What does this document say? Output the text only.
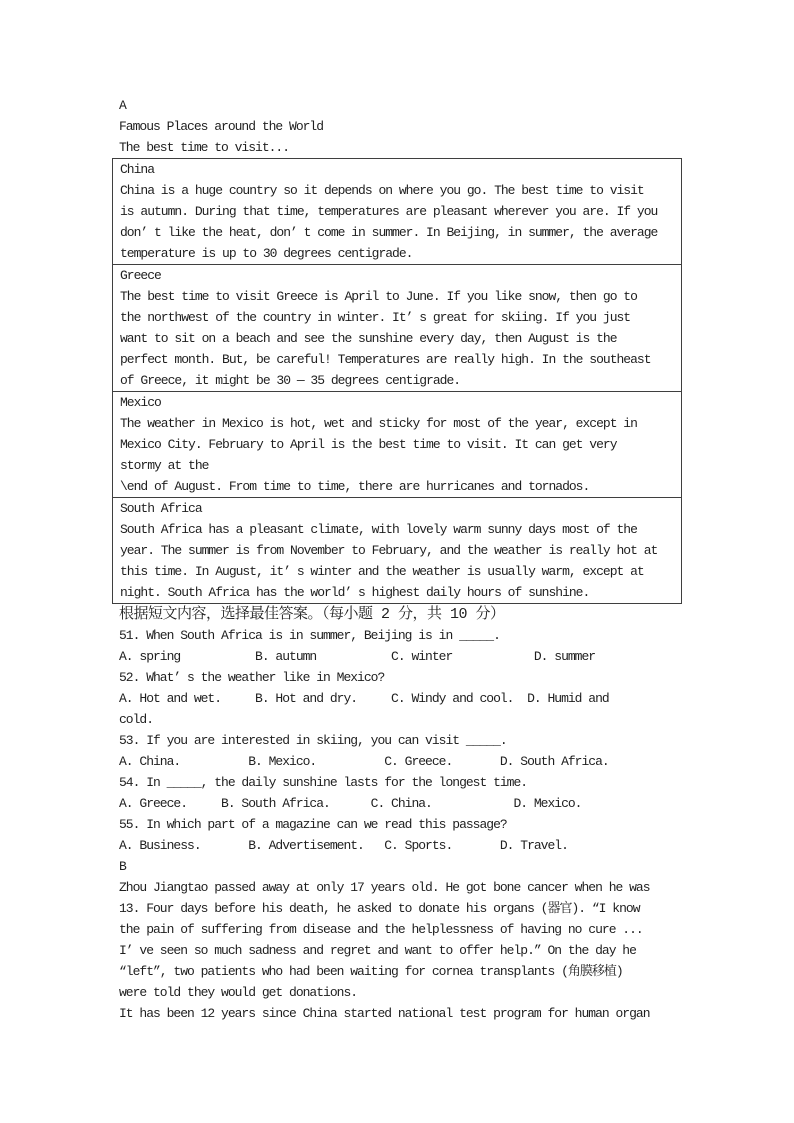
A
Famous Places around the World
The best time to visit...
China
China is a huge country so it depends on where you go. The best time to visit
is autumn. During that time, temperatures are pleasant wherever you are. If you
don’ t like the heat, don’ t come in summer. In Beijing, in summer, the average
temperature is up to 30 degrees centigrade.
Greece
The best time to visit Greece is April to June. If you like snow, then go to
the northwest of the country in winter. It’ s great for skiing. If you just
want to sit on a beach and see the sunshine every day, then August is the
perfect month. But, be careful! Temperatures are really high. In the southeast
of Greece, it might be 30 — 35 degrees centigrade.
Mexico
The weather in Mexico is hot, wet and sticky for most of the year, except in
Mexico City. February to April is the best time to visit. It can get very
stormy at the
\end of August. From time to time, there are hurricanes and tornados.
South Africa
South Africa has a pleasant climate, with lovely warm sunny days most of the
year. The summer is from November to February, and the weather is really hot at
this time. In August, it’ s winter and the weather is usually warm, except at
night. South Africa has the world’ s highest daily hours of sunshine.
根据短文内容，选择最佳答案。（每小题 2 分，共 10 分）
51. When South Africa is in summer, Beijing is in _____.
A. spring           B. autumn           C. winter            D. summer
52. What’ s the weather like in Mexico?
A. Hot and wet.     B. Hot and dry.     C. Windy and cool.  D. Humid and
cold.
53. If you are interested in skiing, you can visit _____.
A. China.          B. Mexico.          C. Greece.       D. South Africa.
54. In _____, the daily sunshine lasts for the longest time.
A. Greece.     B. South Africa.      C. China.            D. Mexico.
55. In which part of a magazine can we read this passage?
A. Business.       B. Advertisement.   C. Sports.       D. Travel.
B
Zhou Jiangtao passed away at only 17 years old. He got bone cancer when he was
13. Four days before his death, he asked to donate his organs (器官). “I know
the pain of suffering from disease and the helplessness of having no cure ...
I’ ve seen so much sadness and regret and want to offer help.” On the day he
“left”, two patients who had been waiting for cornea transplants (角膜移植)
were told they would get donations.
It has been 12 years since China started national test program for human organ
